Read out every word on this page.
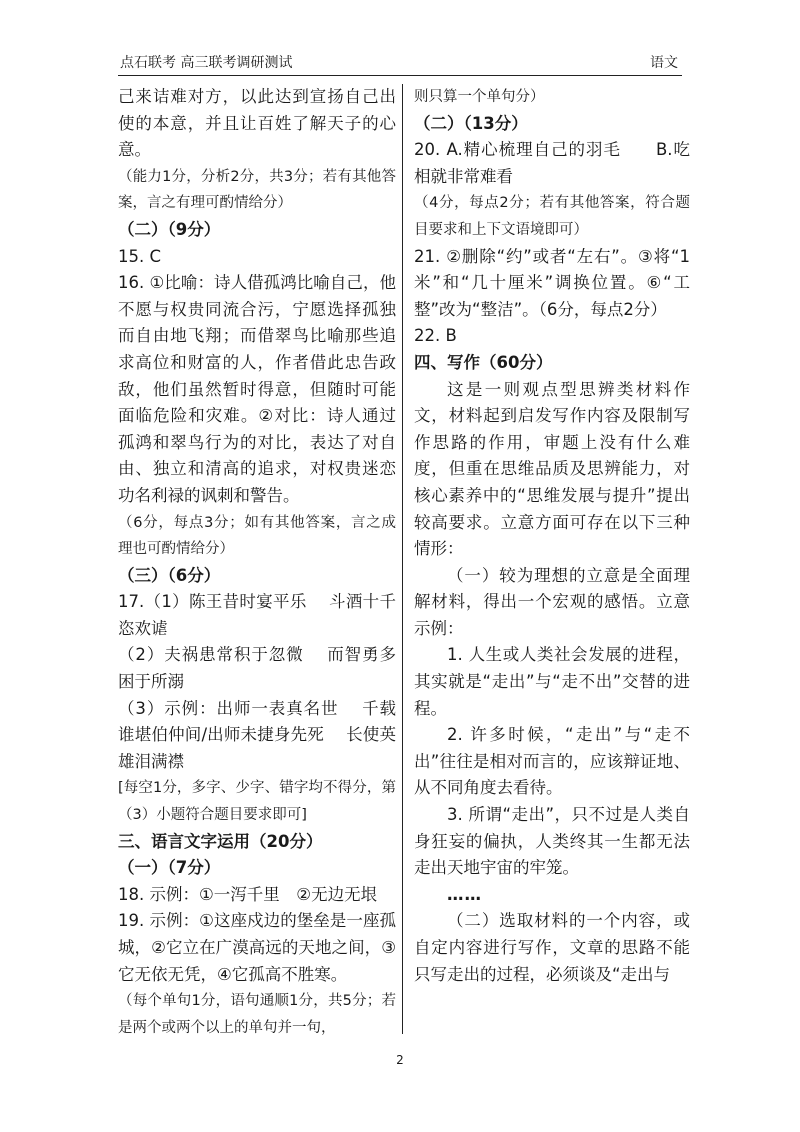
点石联考 高三联考调研测试	语文

己来诘难对方，以此达到宣扬自己出使的本意，并且让百姓了解天子的心意。

（能力1分，分析2分，共3分；若有其他答案，言之有理可酌情给分）

（二）（9分）

15. C

16. ①比喻：诗人借孤鸿比喻自己，他不愿与权贵同流合污，宁愿选择孤独而自由地飞翔；而借翠鸟比喻那些追求高位和财富的人，作者借此忠告政敌，他们虽然暂时得意，但随时可能面临危险和灾难。②对比：诗人通过孤鸿和翠鸟行为的对比，表达了对自由、独立和清高的追求，对权贵迷恋功名利禄的讽刺和警告。

（6分，每点3分；如有其他答案，言之成理也可酌情给分）

（三）（6分）

17.（1）陈王昔时宴平乐　 斗酒十千恣欢谑

（2）夫祸患常积于忽微　 而智勇多困于所溺

（3）示例：出师一表真名世　 千载谁堪伯仲间/出师未捷身先死　 长使英雄泪满襟

[每空1分，多字、少字、错字均不得分，第（3）小题符合题目要求即可]

三、语言文字运用（20分）

（一）（7分）

18. 示例：①一泻千里　②无边无垠

19. 示例：①这座戍边的堡垒是一座孤城，②它立在广漠高远的天地之间，③它无依无凭，④它孤高不胜寒。

（每个单句1分，语句通顺1分，共5分；若是两个或两个以上的单句并一句，

则只算一个单句分）

（二）（13分）

20. A.精心梳理自己的羽毛　　B.吃相就非常难看

（4分，每点2分；若有其他答案，符合题目要求和上下文语境即可）

21. ②删除“约”或者“左右”。③将“1米”和“几十厘米”调换位置。⑥“工整”改为“整洁”。（6分，每点2分）

22. B

四、写作（60分）

这是一则观点型思辨类材料作文，材料起到启发写作内容及限制写作思路的作用，审题上没有什么难度，但重在思维品质及思辨能力，对核心素养中的“思维发展与提升”提出较高要求。立意方面可存在以下三种情形：

（一）较为理想的立意是全面理解材料，得出一个宏观的感悟。立意示例：

1. 人生或人类社会发展的进程，其实就是“走出”与“走不出”交替的进程。

2. 许多时候，“走出”与“走不出”往往是相对而言的，应该辩证地、从不同角度去看待。

3. 所谓“走出”，只不过是人类自身狂妄的偏执，人类终其一生都无法走出天地宇宙的牢笼。

……

（二）选取材料的一个内容，或自定内容进行写作，文章的思路不能只写走出的过程，必须谈及“走出与

2
